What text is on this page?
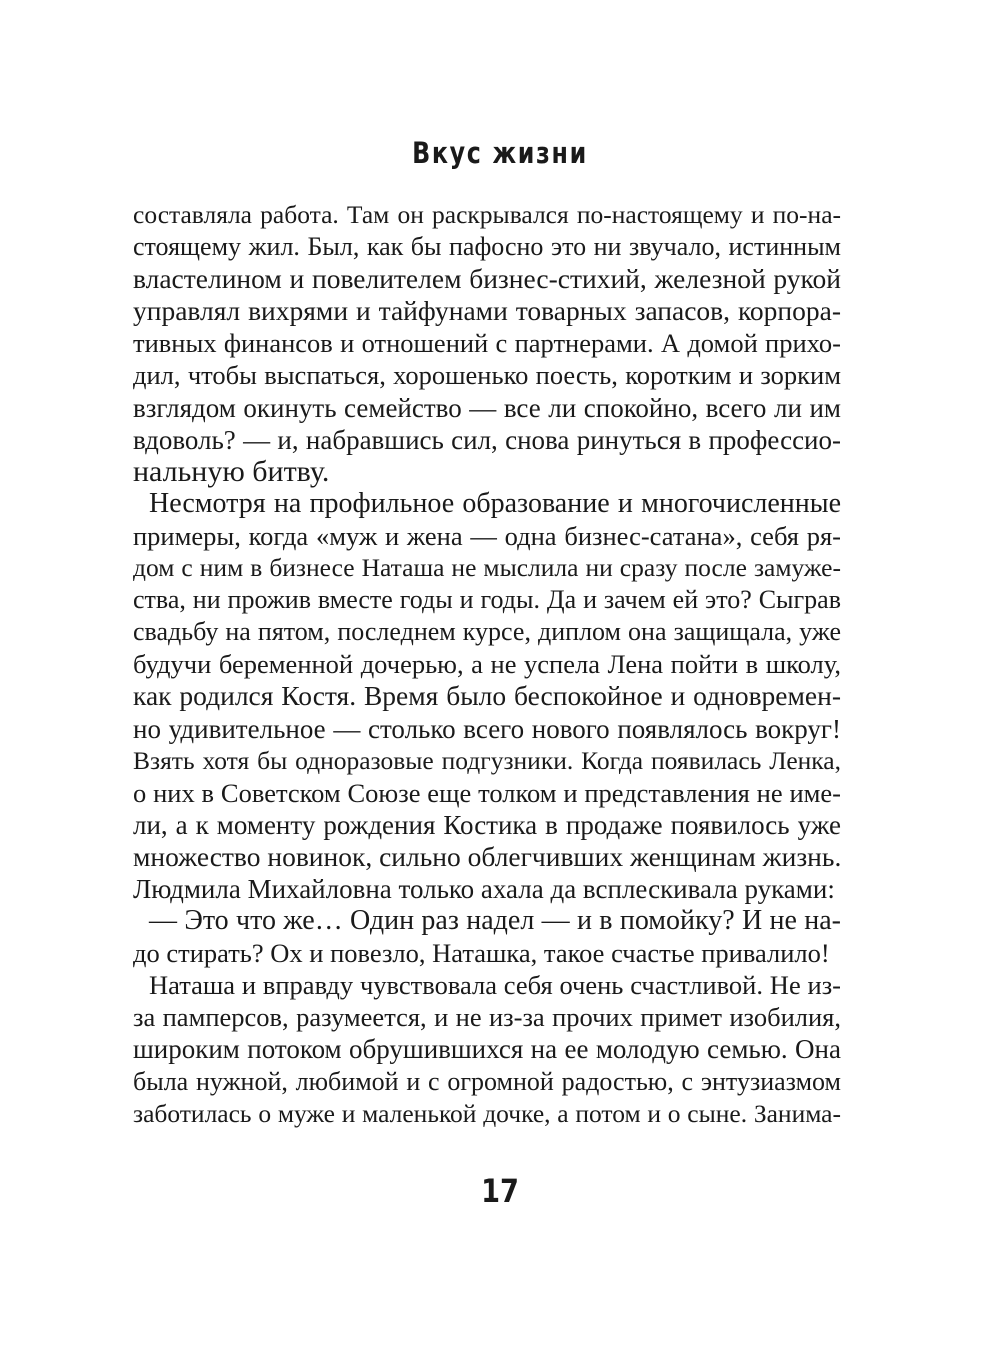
Вкус жизни
составляла работа. Там он раскрывался по-настоящему и по-на-
стоящему жил. Был, как бы пафосно это ни звучало, истинным
властелином и повелителем бизнес-стихий, железной рукой
управлял вихрями и тайфунами товарных запасов, корпора-
тивных финансов и отношений с партнерами. А домой прихо-
дил, чтобы выспаться, хорошенько поесть, коротким и зорким
взглядом окинуть семейство — все ли спокойно, всего ли им
вдоволь? — и, набравшись сил, снова ринуться в профессио-
нальную битву.
Несмотря на профильное образование и многочисленные
примеры, когда «муж и жена — одна бизнес-сатана», себя ря-
дом с ним в бизнесе Наташа не мыслила ни сразу после замуже-
ства, ни прожив вместе годы и годы. Да и зачем ей это? Сыграв
свадьбу на пятом, последнем курсе, диплом она защищала, уже
будучи беременной дочерью, а не успела Лена пойти в школу,
как родился Костя. Время было беспокойное и одновремен-
но удивительное — столько всего нового появлялось вокруг!
Взять хотя бы одноразовые подгузники. Когда появилась Ленка,
о них в Советском Союзе еще толком и представления не име-
ли, а к моменту рождения Костика в продаже появилось уже
множество новинок, сильно облегчивших женщинам жизнь.
Людмила Михайловна только ахала да всплескивала руками:
— Это что же… Один раз надел — и в помойку? И не на-
до стирать? Ох и повезло, Наташка, такое счастье привалило!
Наташа и вправду чувствовала себя очень счастливой. Не из-
за памперсов, разумеется, и не из-за прочих примет изобилия,
широким потоком обрушившихся на ее молодую семью. Она
была нужной, любимой и с огромной радостью, с энтузиазмом
заботилась о муже и маленькой дочке, а потом и о сыне. Занима-
17
